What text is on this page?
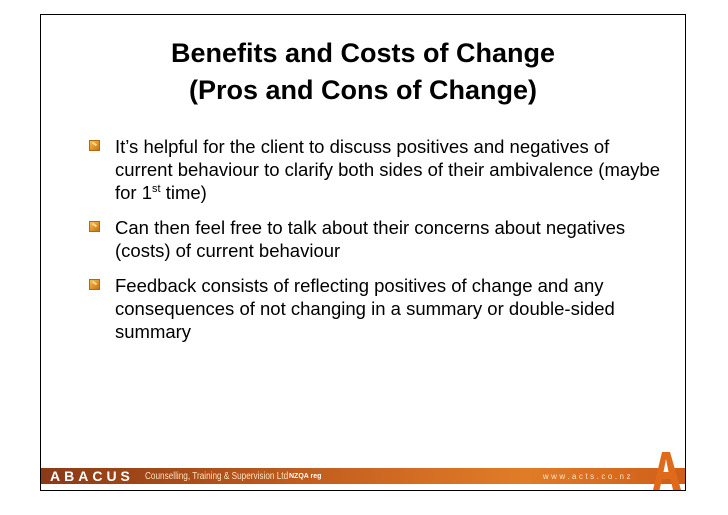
Benefits and Costs of Change
(Pros and Cons of Change)
It’s helpful for the client to discuss positives and negatives of current behaviour to clarify both sides of their ambivalence (maybe for 1st time)
Can then feel free to talk about their concerns about negatives (costs) of current behaviour
Feedback consists of reflecting positives of change and any consequences of not changing in a summary or double-sided summary
ABACUS Counselling, Training & Supervision Ltd NZQA reg	www.acts.co.nz
